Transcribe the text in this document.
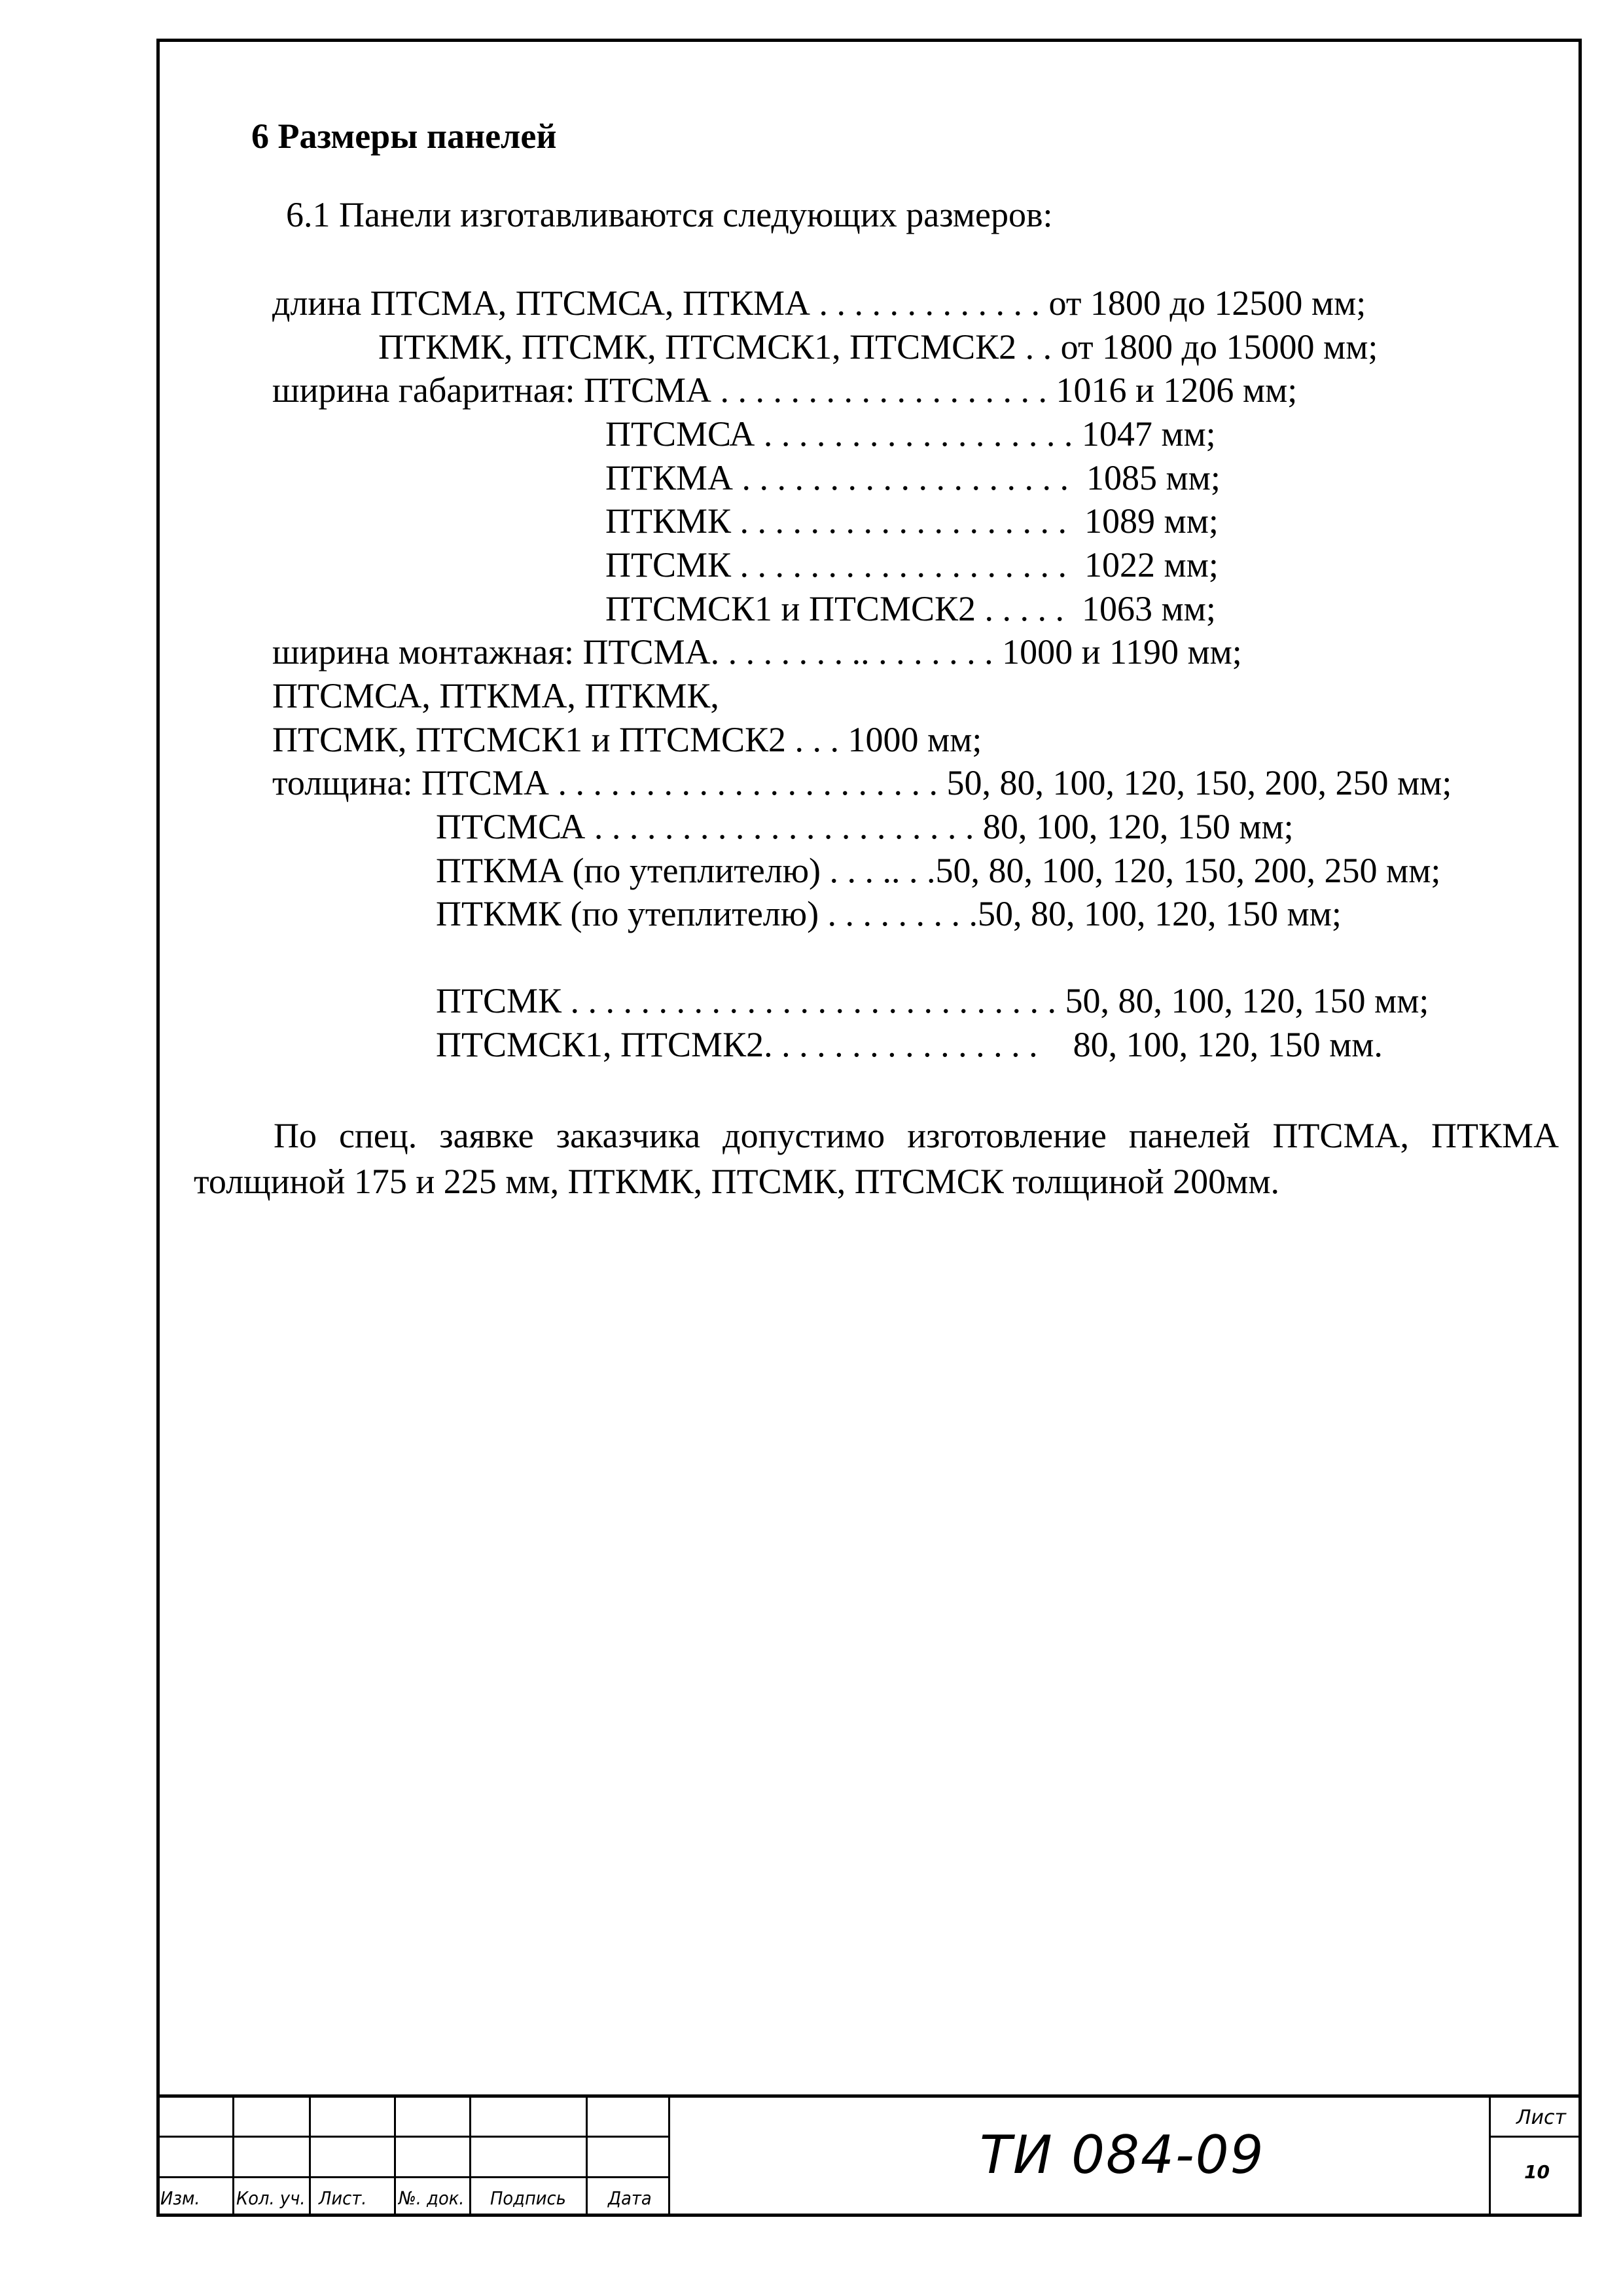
6 Размеры панелей
6.1 Панели изготавливаются следующих размеров:
длина ПТСМА, ПТСМСА, ПТКМА . . . . . . . . . . . . . от 1800 до 12500 мм;
ПТКМК, ПТСМК, ПТСМСК1, ПТСМСК2 . . от 1800 до 15000 мм;
ширина габаритная: ПТСМА . . . . . . . . . . . . . . . . . . . 1016 и 1206 мм;
ПТСМСА . . . . . . . . . . . . . . . . . . 1047 мм;
ПТКМА . . . . . . . . . . . . . . . . . . .  1085 мм;
ПТКМК . . . . . . . . . . . . . . . . . . .  1089 мм;
ПТСМК . . . . . . . . . . . . . . . . . . .  1022 мм;
ПТСМСК1 и ПТСМСК2 . . . . .  1063 мм;
ширина монтажная: ПТСМА. . . . . . . . .. . . . . . . . 1000 и 1190 мм;
ПТСМСА, ПТКМА, ПТКМК,
ПТСМК, ПТСМСК1 и ПТСМСК2 . . . 1000 мм;
толщина: ПТСМА . . . . . . . . . . . . . . . . . . . . . . 50, 80, 100, 120, 150, 200, 250 мм;
ПТСМСА . . . . . . . . . . . . . . . . . . . . . . 80, 100, 120, 150 мм;
ПТКМА (по утеплителю) . . . .. . .50, 80, 100, 120, 150, 200, 250 мм;
ПТКМК (по утеплителю) . . . . . . . . .50, 80, 100, 120, 150 мм;
ПТСМК . . . . . . . . . . . . . . . . . . . . . . . . . . . . 50, 80, 100, 120, 150 мм;
ПТСМСК1, ПТСМК2. . . . . . . . . . . . . . . .    80, 100, 120, 150 мм.
По спец. заявке заказчика допустимо изготовление панелей ПТСМА, ПТКМА толщиной 175 и 225 мм, ПТКМК, ПТСМК, ПТСМСК толщиной 200мм.
Изм. Кол. уч. Лист. №. док. Подпись Дата
ТИ 084-09
Лист
10
